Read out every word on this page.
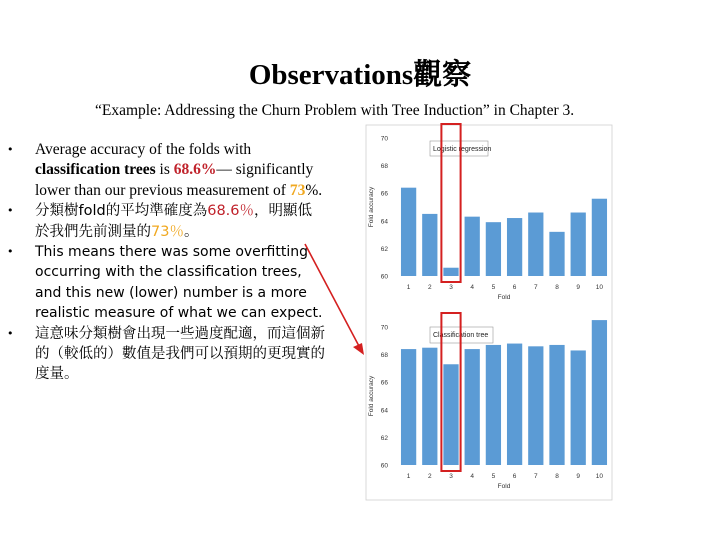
Observations觀察
“Example: Addressing the Churn Problem with Tree Induction” in Chapter 3.
• Average accuracy of the folds with classification trees is 68.6%— significantly lower than our previous measurement of 73%.
• 分類樹fold的平均準確度為68.6％，明顯低於我們先前測量的73％。
• This means there was some overfitting occurring with the classification trees, and this new (lower) number is a more realistic measure of what we can expect.
• 這意味分類樹會出現一些過度配適，而這個新的（較低的）數值是我們可以預期的更現實的度量。
60
62
64
66
68
70
Fold accuracy
1	2	3	4	5	6	7	8	9 10
Fold
Logistic regression
60
62
64
66
68
70
Fold accuracy
1	2	3	4	5	6	7	8	9 10
Fold
Classification tree
